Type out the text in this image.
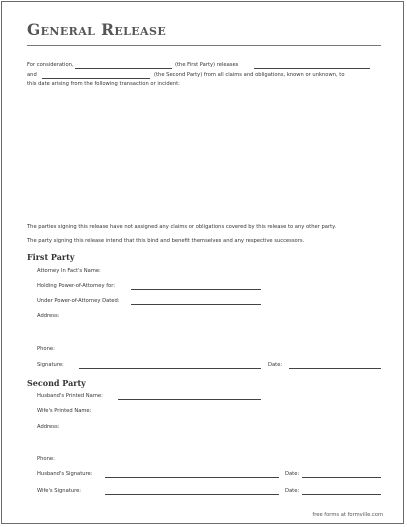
General Release
For consideration,	(the First Party) releases
and	(the Second Party) from all claims and obligations, known or unknown, to
this date arising from the following transaction or incident:
The parties signing this release have not assigned any claims or obligations covered by this release to any other party.
The party signing this release intend that this bind and benefit themselves and any respective successors.
First Party
Attorney In Fact's Name:
Holding Power-of-Attorney for:
Under Power-of-Attorney Dated:
Address:
Phone:
Signature:	Date:
Second Party
Husband's Printed Name:
Wife's Printed Name:
Address:
Phone:
Husband's Signature:	Date:
Wife's Signature:	Date:
free forms at formville.com
